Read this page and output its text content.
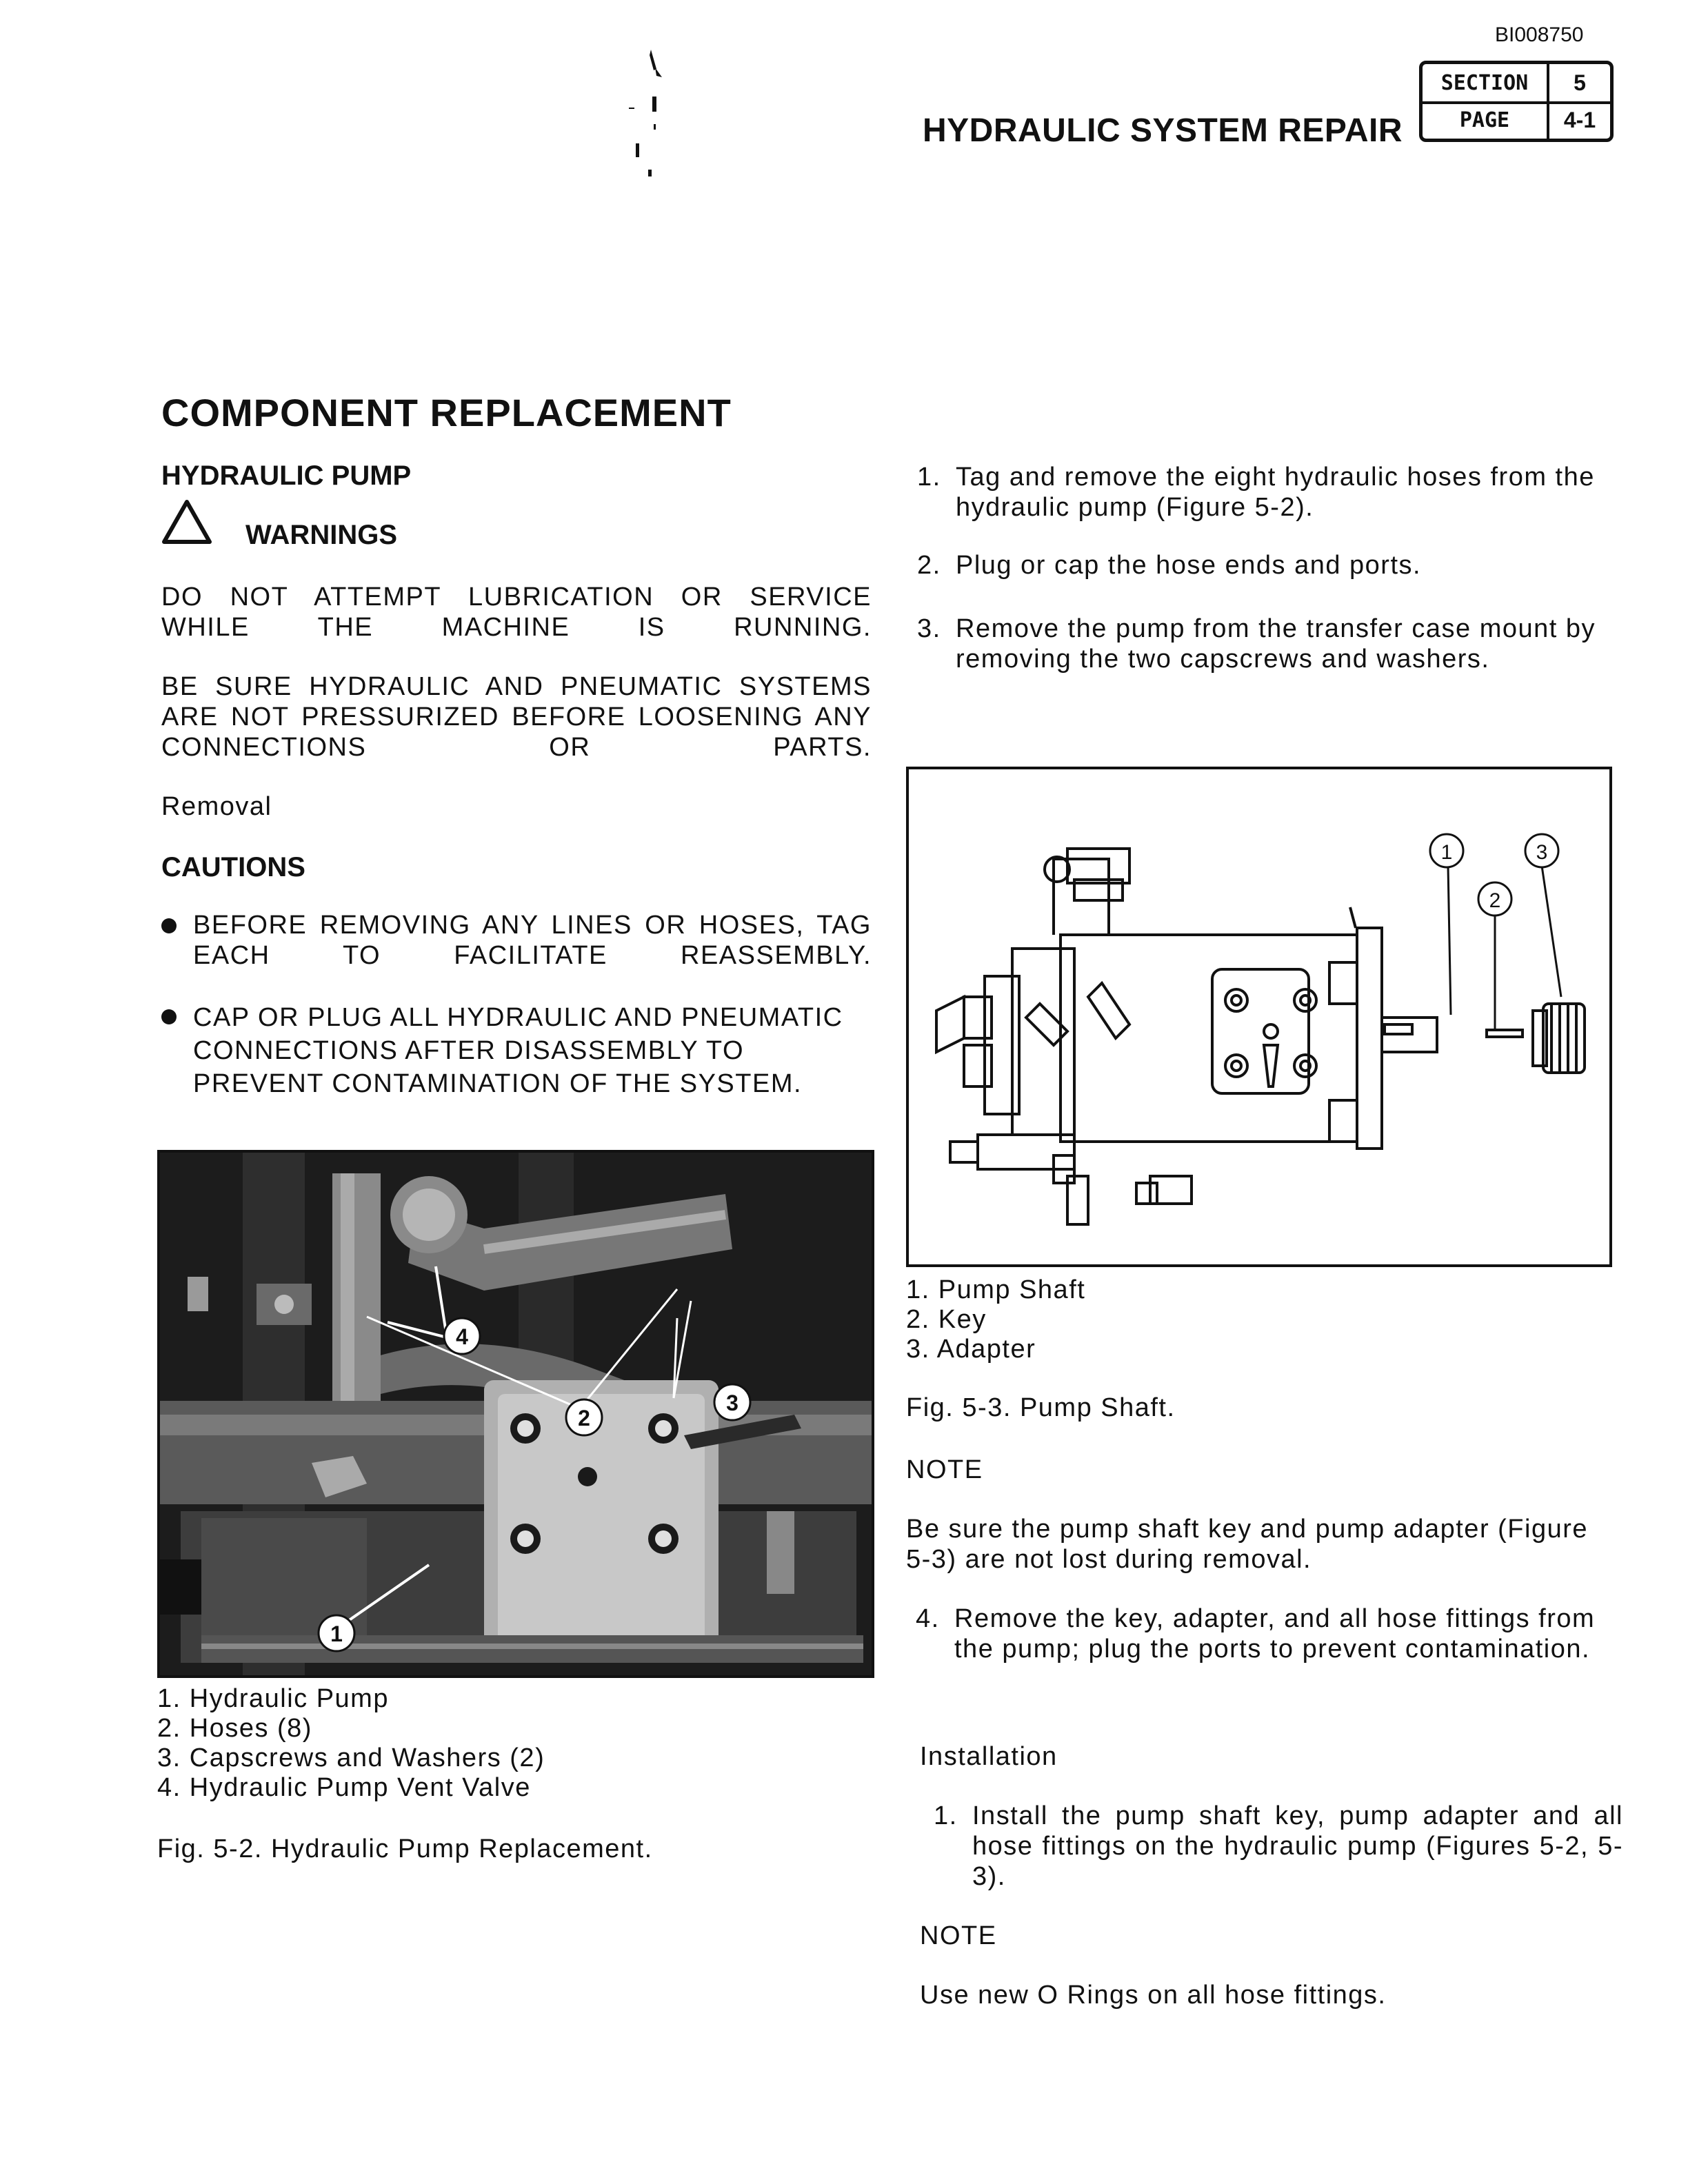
BI008750
HYDRAULIC SYSTEM REPAIR
SECTION	5
PAGE	4-1
COMPONENT REPLACEMENT
HYDRAULIC PUMP
WARNINGS
DO NOT ATTEMPT LUBRICATION OR SERVICE WHILE THE MACHINE IS RUNNING.
BE SURE HYDRAULIC AND PNEUMATIC SYSTEMS ARE NOT PRESSURIZED BEFORE LOOSENING ANY CONNECTIONS OR PARTS.
Removal
CAUTIONS
BEFORE REMOVING ANY LINES OR HOSES, TAG EACH TO FACILITATE REASSEMBLY.
CAP OR PLUG ALL HYDRAULIC AND PNEUMATIC CONNECTIONS AFTER DISASSEMBLY TO PREVENT CONTAMINATION OF THE SYSTEM.
4
2
3
1
1. Hydraulic Pump
2. Hoses (8)
3. Capscrews and Washers (2)
4. Hydraulic Pump Vent Valve
Fig. 5-2. Hydraulic Pump Replacement.
1. Tag and remove the eight hydraulic hoses from the hydraulic pump (Figure 5-2).
2. Plug or cap the hose ends and ports.
3. Remove the pump from the transfer case mount by removing the two capscrews and washers.
1
2
3
1. Pump Shaft
2. Key
3. Adapter
Fig. 5-3. Pump Shaft.
NOTE
Be sure the pump shaft key and pump adapter (Figure 5-3) are not lost during removal.
4. Remove the key, adapter, and all hose fittings from the pump; plug the ports to prevent contamination.
Installation
1. Install the pump shaft key, pump adapter and all hose fittings on the hydraulic pump (Figures 5-2, 5-3).
NOTE
Use new O Rings on all hose fittings.
